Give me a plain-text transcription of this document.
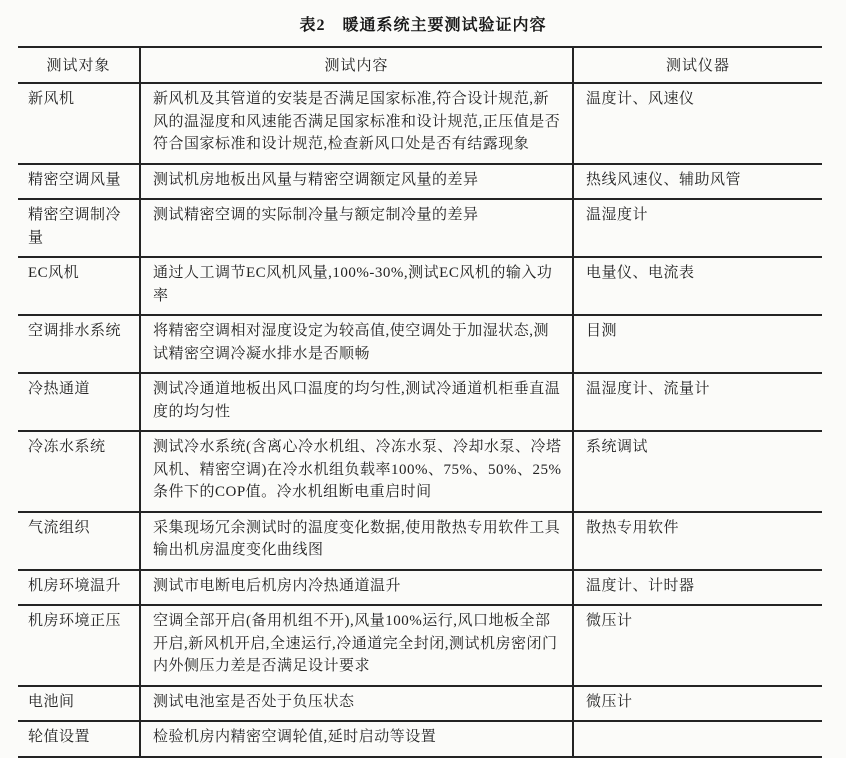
表2　暖通系统主要测试验证内容
测试对象	测试内容	测试仪器
新风机	新风机及其管道的安装是否满足国家标准,符合设计规范,新风的温湿度和风速能否满足国家标准和设计规范,正压值是否符合国家标准和设计规范,检查新风口处是否有结露现象	温度计、风速仪
精密空调风量	测试机房地板出风量与精密空调额定风量的差异	热线风速仪、辅助风管
精密空调制冷量	测试精密空调的实际制冷量与额定制冷量的差异	温湿度计
EC风机	通过人工调节EC风机风量,100%-30%,测试EC风机的输入功率	电量仪、电流表
空调排水系统	将精密空调相对湿度设定为较高值,使空调处于加湿状态,测试精密空调冷凝水排水是否顺畅	目测
冷热通道	测试冷通道地板出风口温度的均匀性,测试冷通道机柜垂直温度的均匀性	温湿度计、流量计
冷冻水系统	测试冷水系统(含离心冷水机组、冷冻水泵、冷却水泵、冷塔风机、精密空调)在冷水机组负载率100%、75%、50%、25%条件下的COP值。冷水机组断电重启时间	系统调试
气流组织	采集现场冗余测试时的温度变化数据,使用散热专用软件工具输出机房温度变化曲线图	散热专用软件
机房环境温升	测试市电断电后机房内冷热通道温升	温度计、计时器
机房环境正压	空调全部开启(备用机组不开),风量100%运行,风口地板全部开启,新风机开启,全速运行,冷通道完全封闭,测试机房密闭门内外侧压力差是否满足设计要求	微压计
电池间	测试电池室是否处于负压状态	微压计
轮值设置	检验机房内精密空调轮值,延时启动等设置	
